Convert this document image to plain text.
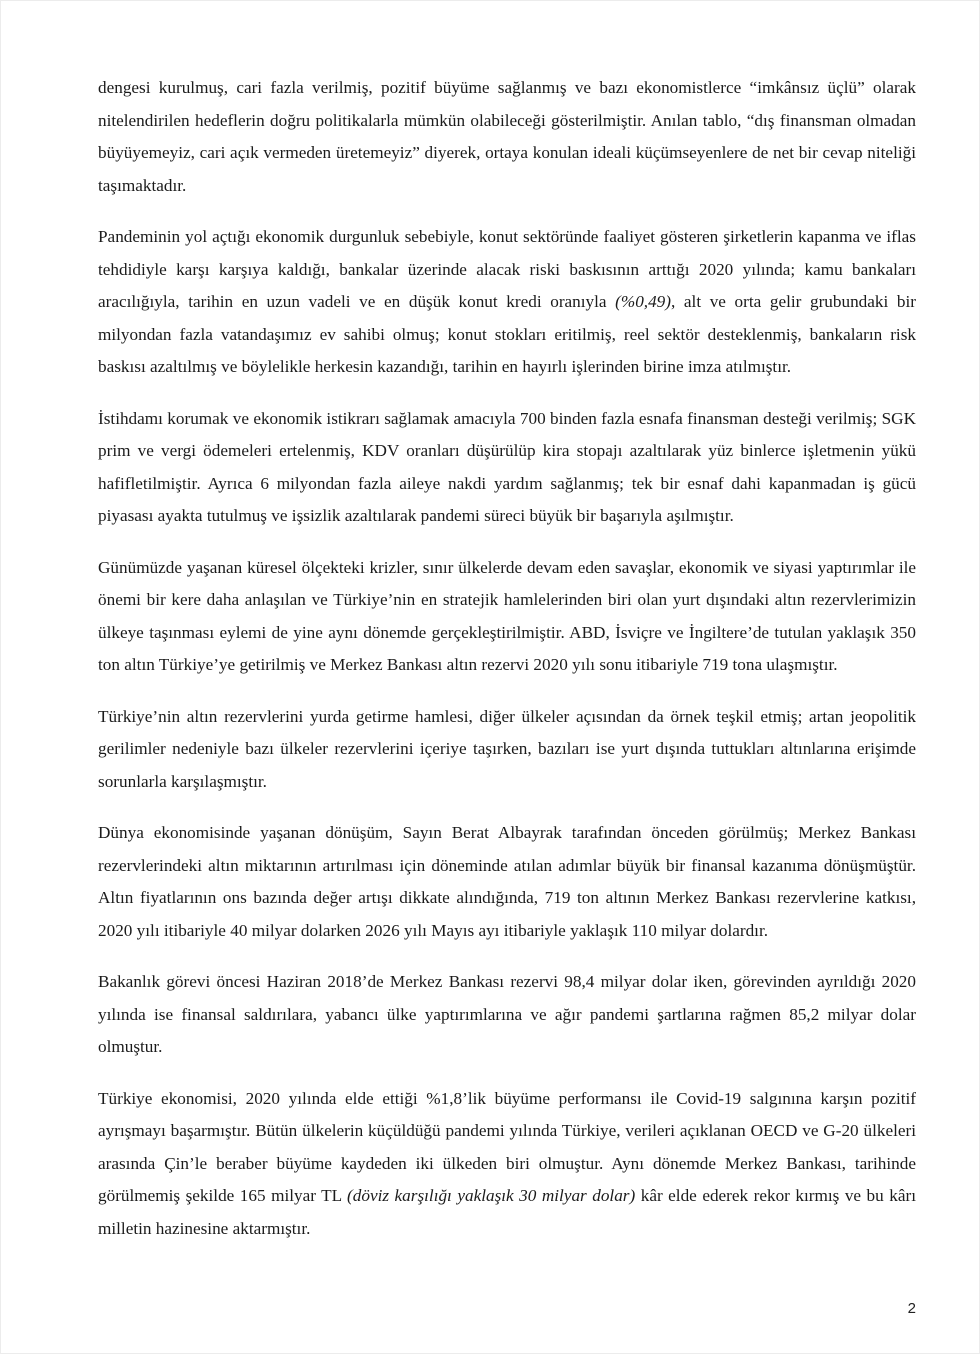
dengesi kurulmuş, cari fazla verilmiş, pozitif büyüme sağlanmış ve bazı ekonomistlerce “imkânsız üçlü” olarak nitelendirilen hedeflerin doğru politikalarla mümkün olabileceği gösterilmiştir. Anılan tablo, “dış finansman olmadan büyüyemeyiz, cari açık vermeden üretemeyiz” diyerek, ortaya konulan ideali küçümseyenlere de net bir cevap niteliği taşımaktadır.

Pandeminin yol açtığı ekonomik durgunluk sebebiyle, konut sektöründe faaliyet gösteren şirketlerin kapanma ve iflas tehdidiyle karşı karşıya kaldığı, bankalar üzerinde alacak riski baskısının arttığı 2020 yılında; kamu bankaları aracılığıyla, tarihin en uzun vadeli ve en düşük konut kredi oranıyla (%0,49), alt ve orta gelir grubundaki bir milyondan fazla vatandaşımız ev sahibi olmuş; konut stokları eritilmiş, reel sektör desteklenmiş, bankaların risk baskısı azaltılmış ve böylelikle herkesin kazandığı, tarihin en hayırlı işlerinden birine imza atılmıştır.

İstihdamı korumak ve ekonomik istikrarı sağlamak amacıyla 700 binden fazla esnafa finansman desteği verilmiş; SGK prim ve vergi ödemeleri ertelenmiş, KDV oranları düşürülüp kira stopajı azaltılarak yüz binlerce işletmenin yükü hafifletilmiştir. Ayrıca 6 milyondan fazla aileye nakdi yardım sağlanmış; tek bir esnaf dahi kapanmadan iş gücü piyasası ayakta tutulmuş ve işsizlik azaltılarak pandemi süreci büyük bir başarıyla aşılmıştır.

Günümüzde yaşanan küresel ölçekteki krizler, sınır ülkelerde devam eden savaşlar, ekonomik ve siyasi yaptırımlar ile önemi bir kere daha anlaşılan ve Türkiye’nin en stratejik hamlelerinden biri olan yurt dışındaki altın rezervlerimizin ülkeye taşınması eylemi de yine aynı dönemde gerçekleştirilmiştir. ABD, İsviçre ve İngiltere’de tutulan yaklaşık 350 ton altın Türkiye’ye getirilmiş ve Merkez Bankası altın rezervi 2020 yılı sonu itibariyle 719 tona ulaşmıştır.

Türkiye’nin altın rezervlerini yurda getirme hamlesi, diğer ülkeler açısından da örnek teşkil etmiş; artan jeopolitik gerilimler nedeniyle bazı ülkeler rezervlerini içeriye taşırken, bazıları ise yurt dışında tuttukları altınlarına erişimde sorunlarla karşılaşmıştır.

Dünya ekonomisinde yaşanan dönüşüm, Sayın Berat Albayrak tarafından önceden görülmüş; Merkez Bankası rezervlerindeki altın miktarının artırılması için döneminde atılan adımlar büyük bir finansal kazanıma dönüşmüştür. Altın fiyatlarının ons bazında değer artışı dikkate alındığında, 719 ton altının Merkez Bankası rezervlerine katkısı, 2020 yılı itibariyle 40 milyar dolarken 2026 yılı Mayıs ayı itibariyle yaklaşık 110 milyar dolardır.

Bakanlık görevi öncesi Haziran 2018’de Merkez Bankası rezervi 98,4 milyar dolar iken, görevinden ayrıldığı 2020 yılında ise finansal saldırılara, yabancı ülke yaptırımlarına ve ağır pandemi şartlarına rağmen 85,2 milyar dolar olmuştur.

Türkiye ekonomisi, 2020 yılında elde ettiği %1,8’lik büyüme performansı ile Covid-19 salgınına karşın pozitif ayrışmayı başarmıştır. Bütün ülkelerin küçüldüğü pandemi yılında Türkiye, verileri açıklanan OECD ve G-20 ülkeleri arasında Çin’le beraber büyüme kaydeden iki ülkeden biri olmuştur. Aynı dönemde Merkez Bankası, tarihinde görülmemiş şekilde 165 milyar TL (döviz karşılığı yaklaşık 30 milyar dolar) kâr elde ederek rekor kırmış ve bu kârı milletin hazinesine aktarmıştır.

2
